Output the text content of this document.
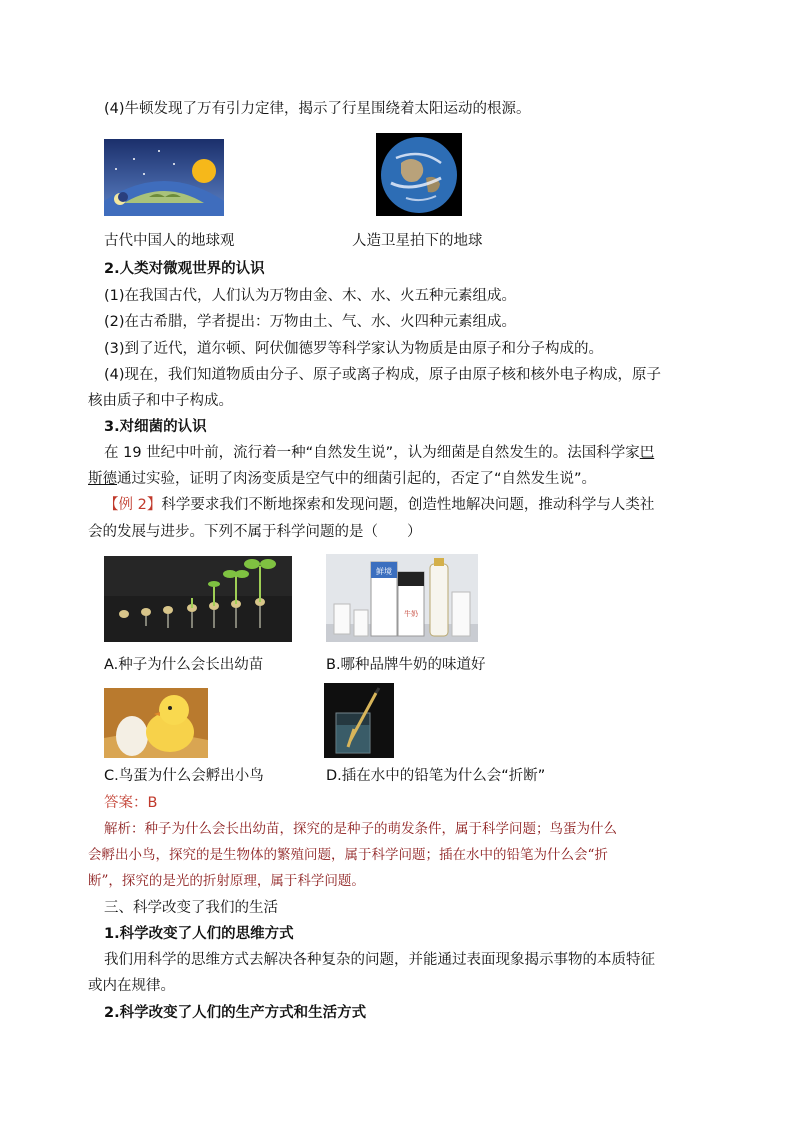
(4)牛顿发现了万有引力定律，揭示了行星围绕着太阳运动的根源。
古代中国人的地球观	人造卫星拍下的地球
2.人类对微观世界的认识
(1)在我国古代，人们认为万物由金、木、水、火五种元素组成。
(2)在古希腊，学者提出：万物由土、气、水、火四种元素组成。
(3)到了近代，道尔顿、阿伏伽德罗等科学家认为物质是由原子和分子构成的。
(4)现在，我们知道物质由分子、原子或离子构成，原子由原子核和核外电子构成，原子
核由质子和中子构成。
3.对细菌的认识
在 19 世纪中叶前，流行着一种“自然发生说”，认为细菌是自然发生的。法国科学家巴
斯德通过实验，证明了肉汤变质是空气中的细菌引起的，否定了“自然发生说”。
【例 2】科学要求我们不断地探索和发现问题，创造性地解决问题，推动科学与人类社
会的发展与进步。下列不属于科学问题的是（　　）
鲜境
牛奶
A.种子为什么会长出幼苗	B.哪种品牌牛奶的味道好
C.鸟蛋为什么会孵出小鸟	D.插在水中的铅笔为什么会“折断”
答案：B
解析：种子为什么会长出幼苗，探究的是种子的萌发条件，属于科学问题；鸟蛋为什么
会孵出小鸟，探究的是生物体的繁殖问题，属于科学问题；插在水中的铅笔为什么会“折
断”，探究的是光的折射原理，属于科学问题。
三、科学改变了我们的生活
1.科学改变了人们的思维方式
我们用科学的思维方式去解决各种复杂的问题，并能通过表面现象揭示事物的本质特征
或内在规律。
2.科学改变了人们的生产方式和生活方式
